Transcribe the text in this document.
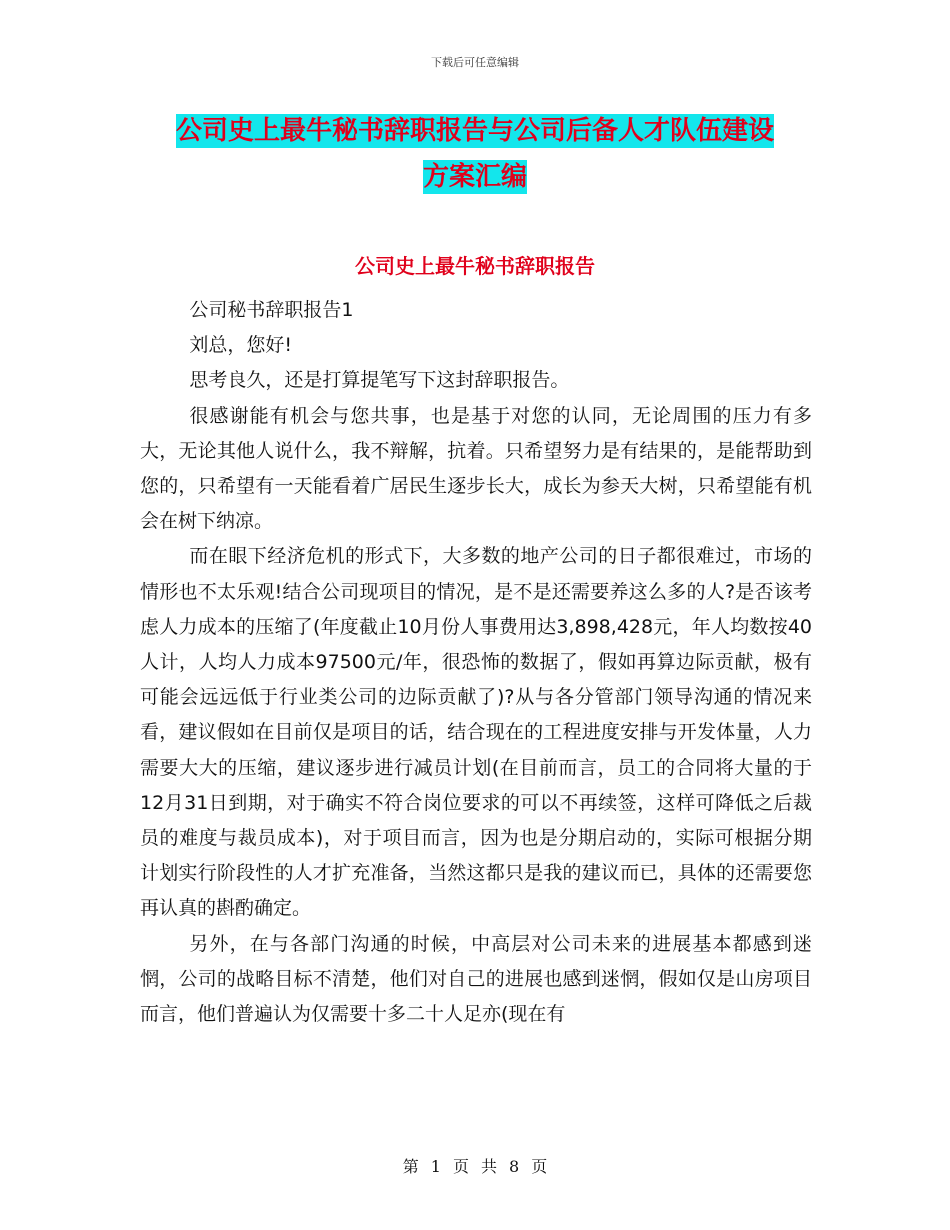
下载后可任意编辑
公司史上最牛秘书辞职报告与公司后备人才队伍建设
方案汇编
公司史上最牛秘书辞职报告

公司秘书辞职报告1

刘总，您好!

思考良久，还是打算提笔写下这封辞职报告。

很感谢能有机会与您共事，也是基于对您的认同，无论周围的压力有多大，无论其他人说什么，我不辩解，抗着。只希望努力是有结果的，是能帮助到您的，只希望有一天能看着广居民生逐步长大，成长为参天大树，只希望能有机会在树下纳凉。

而在眼下经济危机的形式下，大多数的地产公司的日子都很难过，市场的情形也不太乐观!结合公司现项目的情况，是不是还需要养这么多的人?是否该考虑人力成本的压缩了(年度截止10月份人事费用达3,898,428元，年人均数按40人计，人均人力成本97500元/年，很恐怖的数据了，假如再算边际贡献，极有可能会远远低于行业类公司的边际贡献了)?从与各分管部门领导沟通的情况来看，建议假如在目前仅是项目的话，结合现在的工程进度安排与开发体量，人力需要大大的压缩，建议逐步进行减员计划(在目前而言，员工的合同将大量的于12月31日到期，对于确实不符合岗位要求的可以不再续签，这样可降低之后裁员的难度与裁员成本)，对于项目而言，因为也是分期启动的，实际可根据分期计划实行阶段性的人才扩充准备，当然这都只是我的建议而已，具体的还需要您再认真的斟酌确定。

另外，在与各部门沟通的时候，中高层对公司未来的进展基本都感到迷惘，公司的战略目标不清楚，他们对自己的进展也感到迷惘，假如仅是山房项目而言，他们普遍认为仅需要十多二十人足亦(现在有

第 1 页 共 8 页
